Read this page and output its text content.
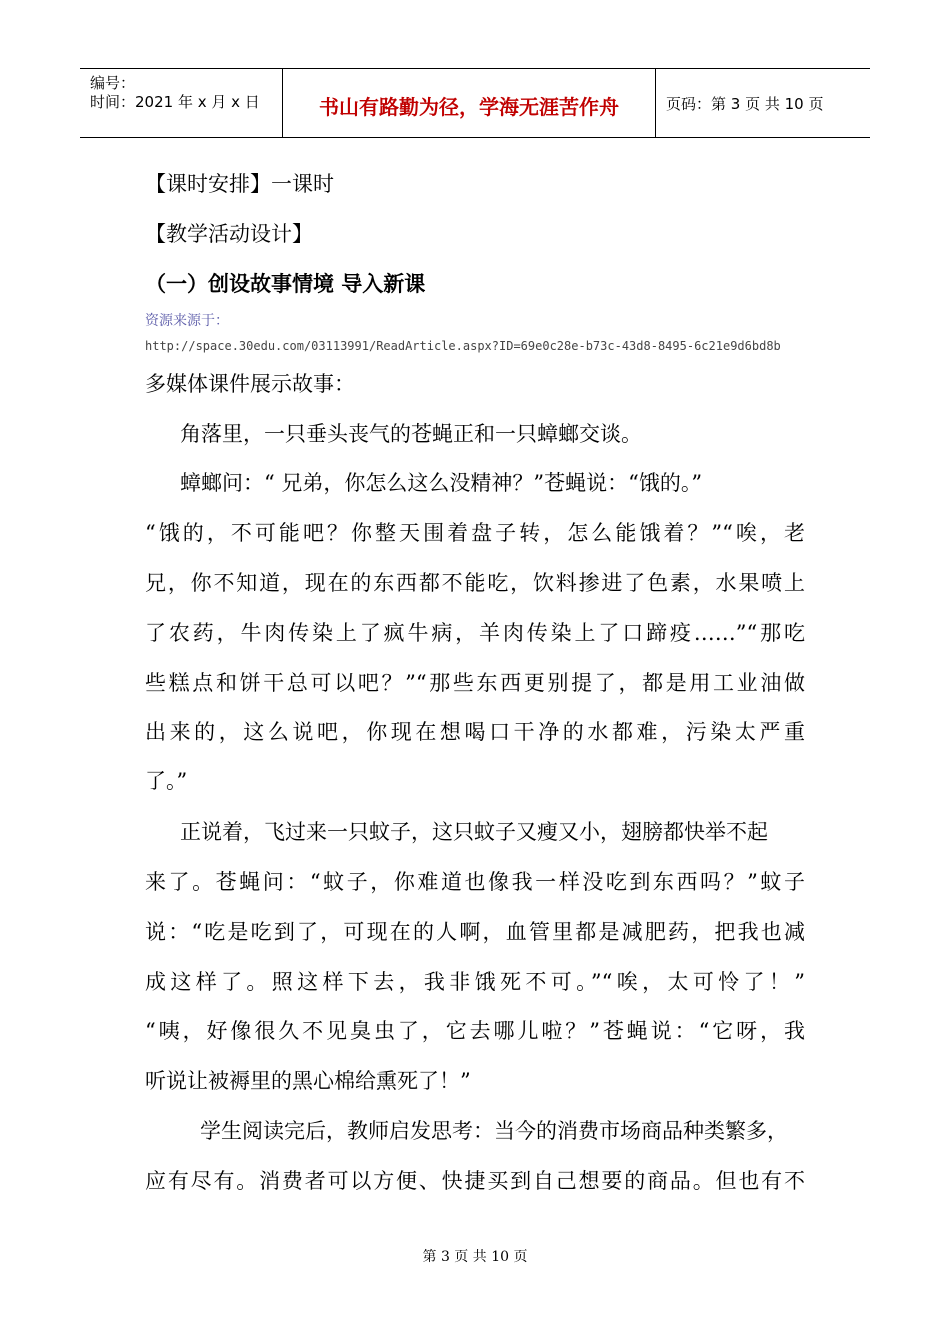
编号：
时间：2021 年 x 月 x 日	书山有路勤为径，学海无涯苦作舟	页码：第 3 页 共 10 页
【课时安排】一课时
【教学活动设计】
（一）创设故事情境 导入新课
资源来源于：
http://space.30edu.com/03113991/ReadArticle.aspx?ID=69e0c28e-b73c-43d8-8495-6c21e9d6bd8b
多媒体课件展示故事：
角落里，一只垂头丧气的苍蝇正和一只蟑螂交谈。
蟑螂问：“ 兄弟，你怎么这么没精神？”苍蝇说：“饿的。”
“饿的，不可能吧？你整天围着盘子转，怎么能饿着？”“唉，老
兄，你不知道，现在的东西都不能吃，饮料掺进了色素，水果喷上
了农药，牛肉传染上了疯牛病，羊肉传染上了口蹄疫……”“那吃
些糕点和饼干总可以吧？”“那些东西更别提了，都是用工业油做
出来的，这么说吧，你现在想喝口干净的水都难，污染太严重
了。”
正说着，飞过来一只蚊子，这只蚊子又瘦又小，翅膀都快举不起
来了。苍蝇问：“蚊子，你难道也像我一样没吃到东西吗？”蚊子
说：“吃是吃到了，可现在的人啊，血管里都是减肥药，把我也减
成这样了。照这样下去，我非饿死不可。”“唉，太可怜了！”
“咦，好像很久不见臭虫了，它去哪儿啦？”苍蝇说：“它呀，我
听说让被褥里的黑心棉给熏死了！”
学生阅读完后，教师启发思考：当今的消费市场商品种类繁多，
应有尽有。消费者可以方便、快捷买到自己想要的商品。但也有不
第 3 页 共 10 页
